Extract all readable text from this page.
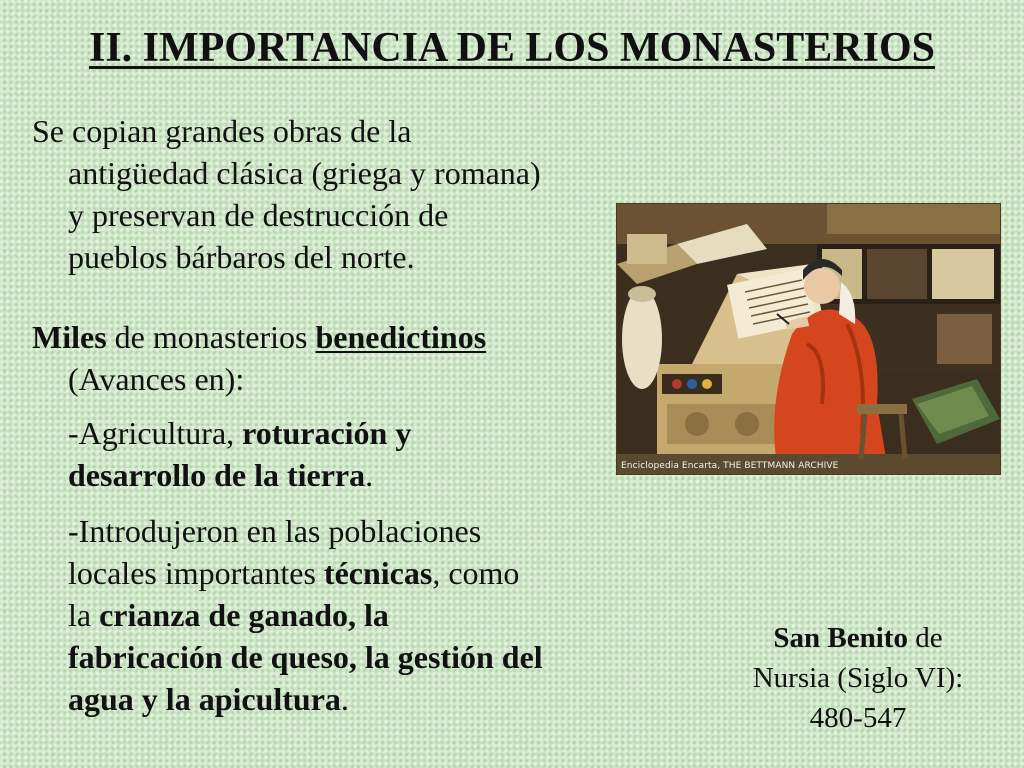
II. IMPORTANCIA DE LOS MONASTERIOS
Se copian grandes obras de la
antigüedad clásica (griega y romana)
y preservan de destrucción de
pueblos bárbaros del norte.
Miles de monasterios benedictinos
(Avances en):
-Agricultura, roturación y
desarrollo de la tierra.
-Introdujeron en las poblaciones
locales importantes técnicas, como
la crianza de ganado, la
fabricación de queso, la gestión del
agua y la apicultura.
Enciclopedia Encarta, THE BETTMANN ARCHIVE
San Benito de
Nursia (Siglo VI):
480-547
